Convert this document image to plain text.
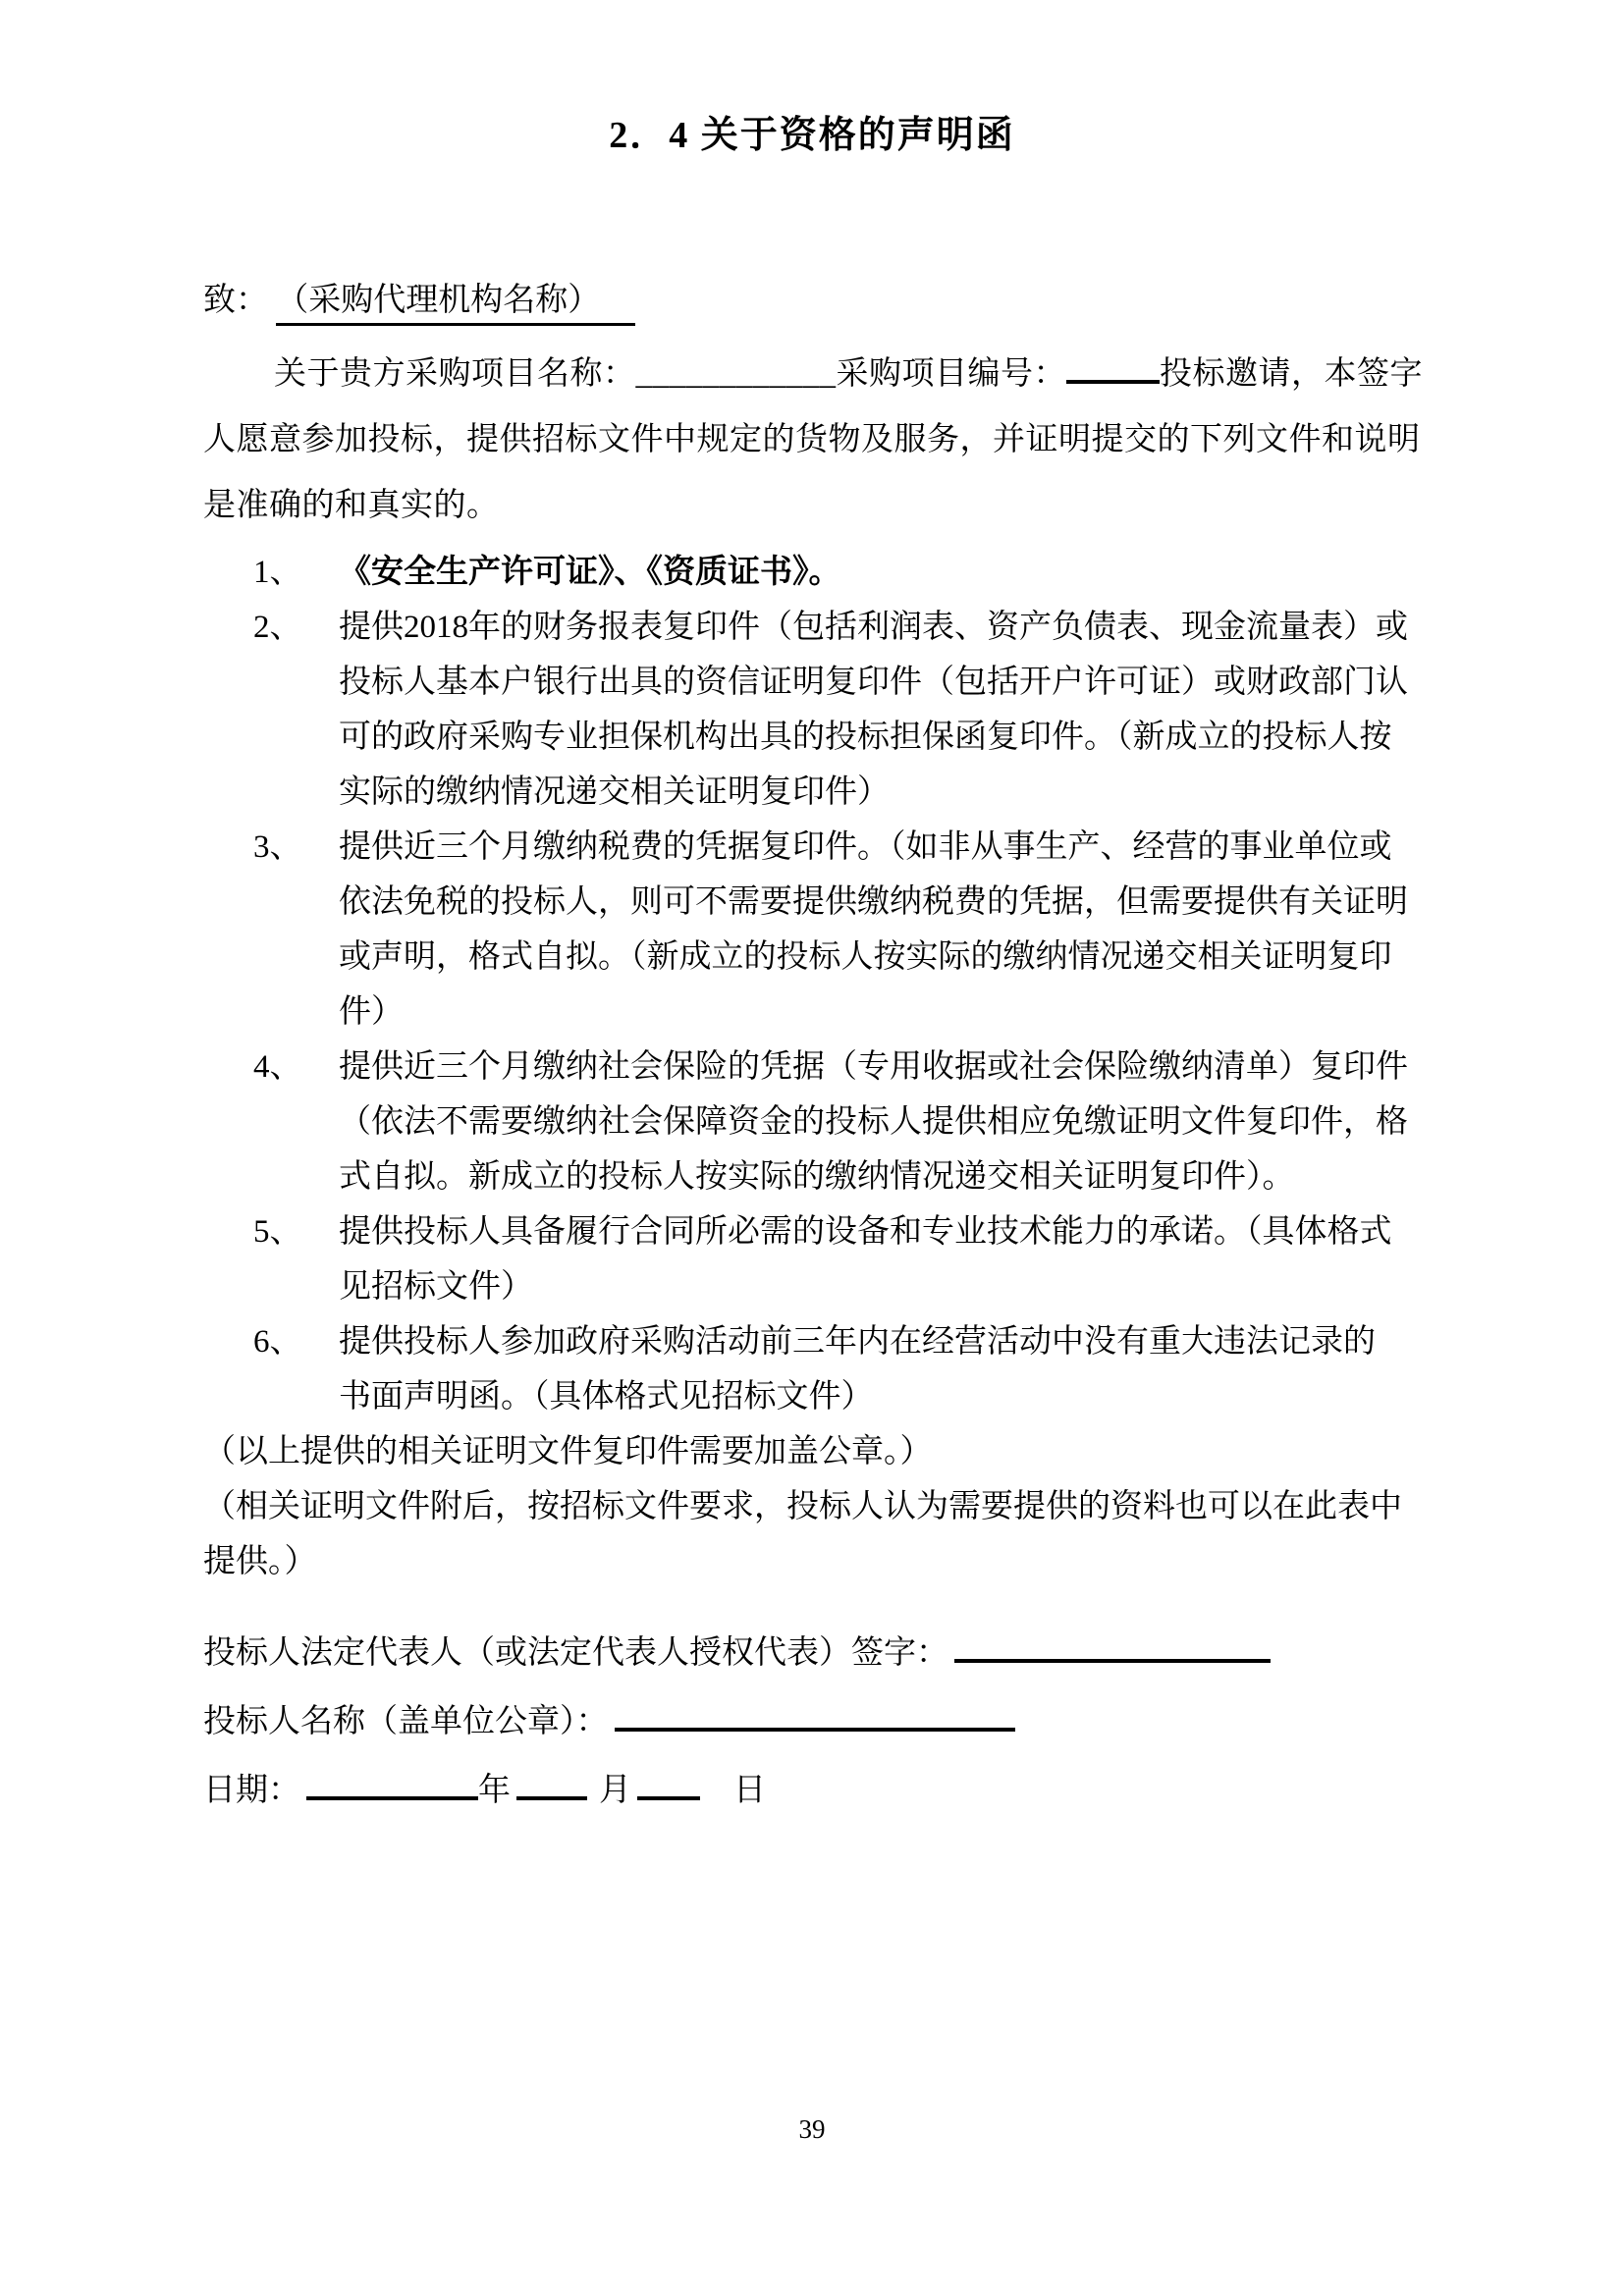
2．4 关于资格的声明函
致： （采购代理机构名称）
关于贵方采购项目名称：____________采购项目编号：	投标邀请，本签字
人愿意参加投标，提供招标文件中规定的货物及服务，并证明提交的下列文件和说明
是准确的和真实的。
1、 《安全生产许可证》、《资质证书》。
2、 提供2018年的财务报表复印件（包括利润表、资产负债表、现金流量表）或
投标人基本户银行出具的资信证明复印件（包括开户许可证）或财政部门认
可的政府采购专业担保机构出具的投标担保函复印件。（新成立的投标人按
实际的缴纳情况递交相关证明复印件）
3、 提供近三个月缴纳税费的凭据复印件。（如非从事生产、经营的事业单位或
依法免税的投标人，则可不需要提供缴纳税费的凭据，但需要提供有关证明
或声明，格式自拟。（新成立的投标人按实际的缴纳情况递交相关证明复印
件）
4、 提供近三个月缴纳社会保险的凭据（专用收据或社会保险缴纳清单）复印件
（依法不需要缴纳社会保障资金的投标人提供相应免缴证明文件复印件，格
式自拟。新成立的投标人按实际的缴纳情况递交相关证明复印件）。
5、 提供投标人具备履行合同所必需的设备和专业技术能力的承诺。（具体格式
见招标文件）
6、 提供投标人参加政府采购活动前三年内在经营活动中没有重大违法记录的
书面声明函。（具体格式见招标文件）
（以上提供的相关证明文件复印件需要加盖公章。）
（相关证明文件附后，按招标文件要求，投标人认为需要提供的资料也可以在此表中
提供。）
投标人法定代表人（或法定代表人授权代表）签字：
投标人名称（盖单位公章）：
日期：	年	月	日
39
